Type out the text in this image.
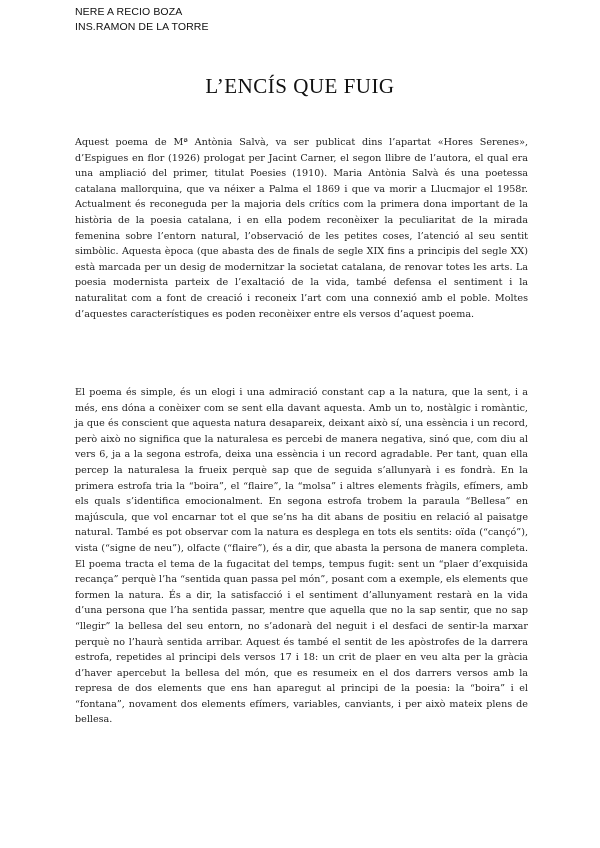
NERE A RECIO BOZA
INS.RAMON DE LA TORRE
L’ENCÍS QUE FUIG

Aquest poema de Mª Antònia Salvà, va ser publicat dins l’apartat «Hores Serenes», d’Espigues en flor (1926) prologat per Jacint Carner, el segon llibre de l’autora, el qual era una ampliació del primer, titulat Poesies (1910). Maria Antònia Salvà és una poetessa catalana mallorquina, que va néixer a Palma el 1869 i que va morir a Llucmajor el 1958r. Actualment és reconeguda per la majoria dels crítics com la primera dona important de la història de la poesia catalana, i en ella podem reconèixer la peculiaritat de la mirada femenina sobre l’entorn natural, l’observació de les petites coses, l’atenció al seu sentit simbòlic. Aquesta època (que abasta des de finals de segle XIX fins a principis del segle XX) està marcada per un desig de modernitzar la societat catalana, de renovar totes les arts. La poesia modernista parteix de l’exaltació de la vida, també defensa el sentiment i la naturalitat com a font de creació i reconeix l’art com una connexió amb el poble. Moltes d’aquestes característiques es poden reconèixer entre els versos d’aquest poema.

El poema és simple, és un elogi i una admiració constant cap a la natura, que la sent, i a més, ens dóna a conèixer com se sent ella davant aquesta. Amb un to, nostàlgic i romàntic, ja que és conscient que aquesta natura desapareix, deixant això sí, una essència i un record, però això no significa que la naturalesa es percebi de manera negativa, sinó que, com diu al vers 6, ja a la segona estrofa, deixa una essència i un record agradable. Per tant, quan ella percep la naturalesa la frueix perquè sap que de seguida s’allunyarà i es fondrà. En la primera estrofa tria la “boira”, el “flaire”, la “molsa” i altres elements fràgils, efímers, amb els quals s’identifica emocionalment. En segona estrofa trobem la paraula “Bellesa” en majúscula, que vol encarnar tot el que se’ns ha dit abans de positiu en relació al paisatge natural. També es pot observar com la natura es desplega en tots els sentits: oïda (“cançó”), vista (“signe de neu”), olfacte (“flaire”), és a dir, que abasta la persona de manera completa. El poema tracta el tema de la fugacitat del temps, tempus fugit: sent un “plaer d’exquisida recança” perquè l’ha “sentida quan passa pel món”, posant com a exemple, els elements que formen la natura. És a dir, la satisfacció i el sentiment d’allunyament restarà en la vida d’una persona que l’ha sentida passar, mentre que aquella que no la sap sentir, que no sap “llegir” la bellesa del seu entorn, no s’adonarà del neguit i el desfaci de sentir-la marxar perquè no l’haurà sentida arribar. Aquest és també el sentit de les apòstrofes de la darrera estrofa, repetides al principi dels versos 17 i 18: un crit de plaer en veu alta per la gràcia d’haver apercebut la bellesa del món, que es resumeix en el dos darrers versos amb la represa de dos elements que ens han aparegut al principi de la poesia: la “boira” i el “fontana”, novament dos elements efímers, variables, canviants, i per això mateix plens de bellesa.
